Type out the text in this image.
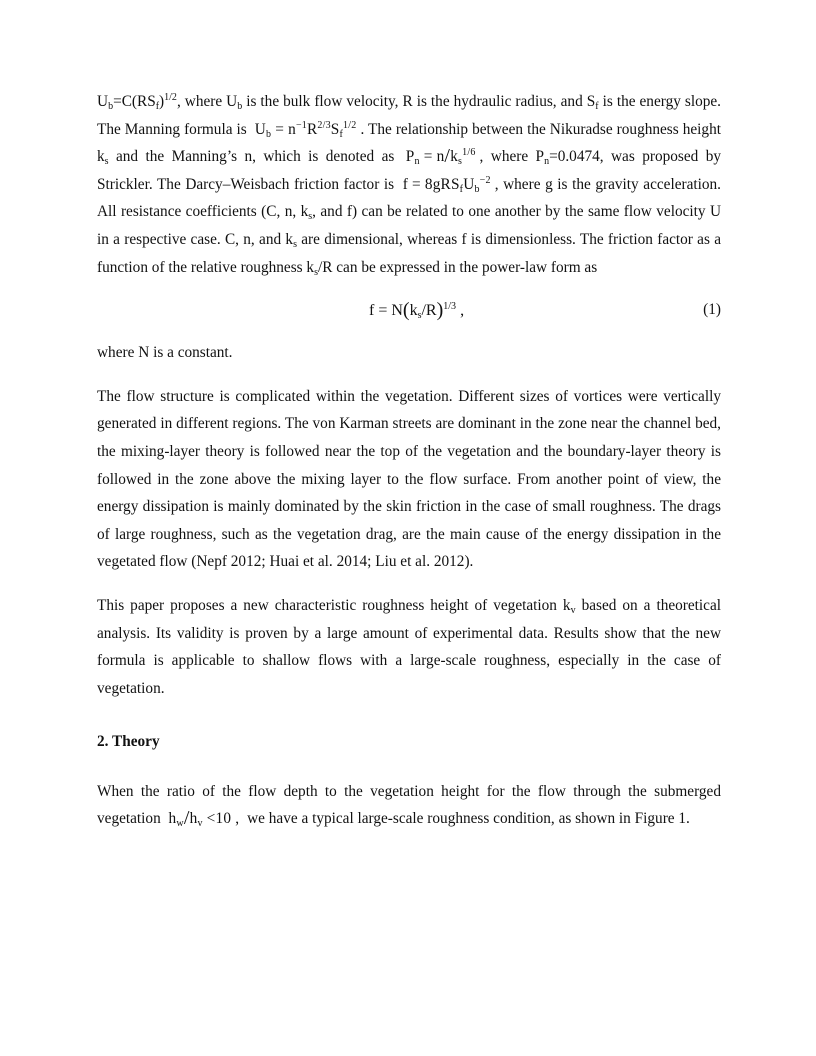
$U_b=C(RS_f)^{1/2}$, where $U_b$ is the bulk flow velocity, R is the hydraulic radius, and $S_f$ is the energy slope. The Manning formula is $U_b = n^{-1}R^{2/3}S_f^{1/2}$ . The relationship between the Nikuradse roughness height $k_s$ and the Manning’s n, which is denoted as $P_n = n/k_s^{1/6}$ , where $P_n=0.0474$, was proposed by Strickler. The Darcy–Weisbach friction factor is $f = 8gRS_fU_b^{-2}$ , where g is the gravity acceleration. All resistance coefficients (C, n, $k_s$, and f) can be related to one another by the same flow velocity U in a respective case. C, n, and $k_s$ are dimensional, whereas f is dimensionless. The friction factor as a function of the relative roughness $k_s/R$ can be expressed in the power-law form as

$f = N(k_s/R)^{1/3}$ ,	(1)

where N is a constant.

The flow structure is complicated within the vegetation. Different sizes of vortices were vertically generated in different regions. The von Karman streets are dominant in the zone near the channel bed, the mixing-layer theory is followed near the top of the vegetation and the boundary-layer theory is followed in the zone above the mixing layer to the flow surface. From another point of view, the energy dissipation is mainly dominated by the skin friction in the case of small roughness. The drags of large roughness, such as the vegetation drag, are the main cause of the energy dissipation in the vegetated flow (Nepf 2012; Huai et al. 2014; Liu et al. 2012).

This paper proposes a new characteristic roughness height of vegetation $k_v$ based on a theoretical analysis. Its validity is proven by a large amount of experimental data. Results show that the new formula is applicable to shallow flows with a large-scale roughness, especially in the case of vegetation.

2. Theory

When the ratio of the flow depth to the vegetation height for the flow through the submerged vegetation $h_w/h_v <10$ , we have a typical large-scale roughness condition, as shown in Figure 1.
